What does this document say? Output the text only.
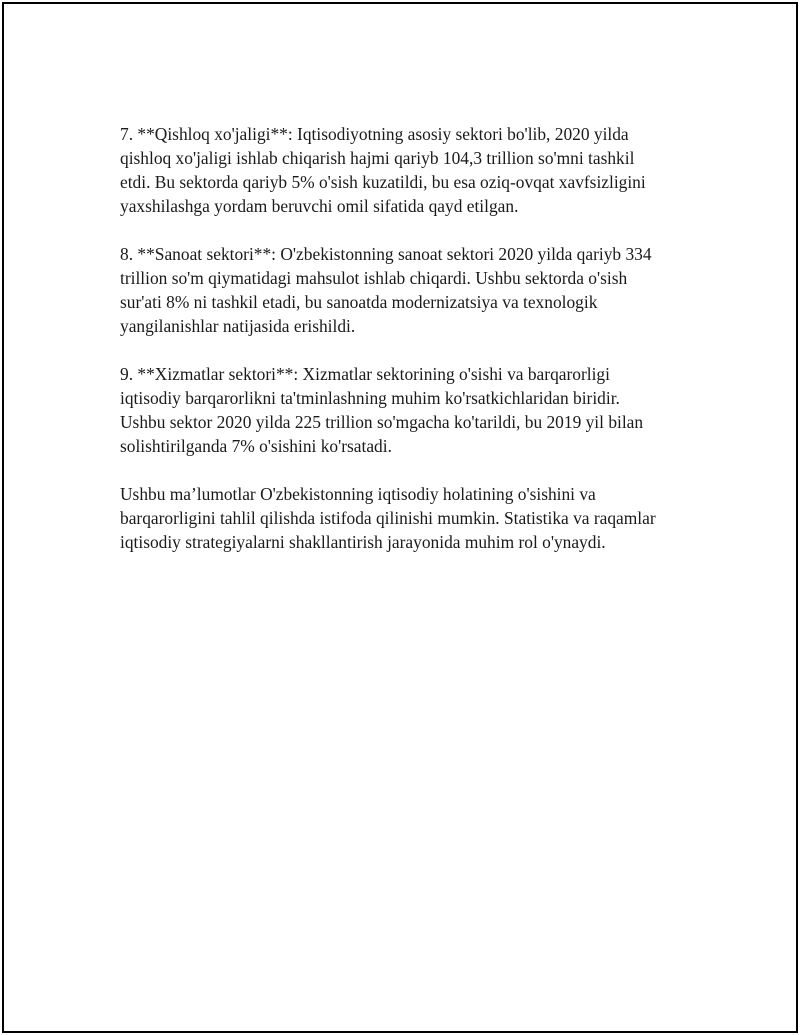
7. **Qishloq xo'jaligi**: Iqtisodiyotning asosiy sektori bo'lib, 2020 yilda
qishloq xo'jaligi ishlab chiqarish hajmi qariyb 104,3 trillion so'mni tashkil
etdi. Bu sektorda qariyb 5% o'sish kuzatildi, bu esa oziq-ovqat xavfsizligini
yaxshilashga yordam beruvchi omil sifatida qayd etilgan.

8. **Sanoat sektori**: O'zbekistonning sanoat sektori 2020 yilda qariyb 334
trillion so'm qiymatidagi mahsulot ishlab chiqardi. Ushbu sektorda o'sish
sur'ati 8% ni tashkil etadi, bu sanoatda modernizatsiya va texnologik
yangilanishlar natijasida erishildi.

9. **Xizmatlar sektori**: Xizmatlar sektorining o'sishi va barqarorligi
iqtisodiy barqarorlikni ta'tminlashning muhim ko'rsatkichlaridan biridir.
Ushbu sektor 2020 yilda 225 trillion so'mgacha ko'tarildi, bu 2019 yil bilan
solishtirilganda 7% o'sishini ko'rsatadi.

Ushbu ma’lumotlar O'zbekistonning iqtisodiy holatining o'sishini va
barqarorligini tahlil qilishda istifoda qilinishi mumkin. Statistika va raqamlar
iqtisodiy strategiyalarni shakllantirish jarayonida muhim rol o'ynaydi.
